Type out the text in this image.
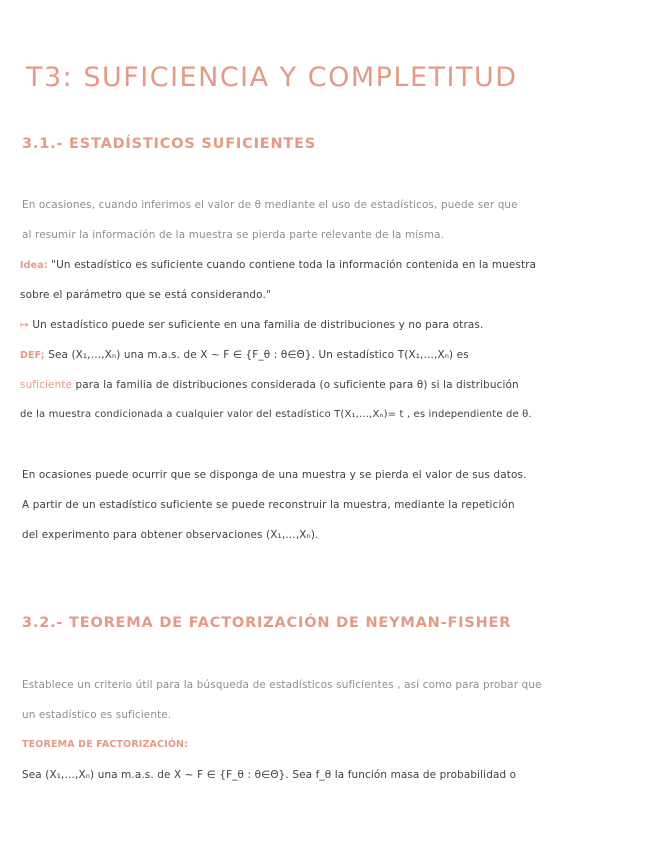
T3: SUFICIENCIA Y COMPLETITUD
3.1.- ESTADÍSTICOS SUFICIENTES
En ocasiones, cuando inferimos el valor de θ mediante el uso de estadísticos, puede ser que
al resumir la información de la muestra se pierda parte relevante de la misma.
Idea: "Un estadístico es suficiente cuando contiene toda la información contenida en la muestra
sobre el parámetro que se está considerando."
↦ Un estadístico puede ser suficiente en una familia de distribuciones y no para otras.
DEF; Sea (X₁,…,Xₙ) una m.a.s. de X ~ F ∈ {F_θ : θ∈Θ}. Un estadístico T(X₁,…,Xₙ) es
suficiente para la familia de distribuciones considerada (o suficiente para θ) si la distribución
de la muestra condicionada a cualquier valor del estadístico T(X₁,…,Xₙ)= t , es independiente de θ.
En ocasiones puede ocurrir que se disponga de una muestra y se pierda el valor de sus datos.
A partir de un estadístico suficiente se puede reconstruir la muestra, mediante la repetición
del experimento para obtener observaciones (X₁,…,Xₙ).
3.2.- TEOREMA DE FACTORIZACIÓN DE NEYMAN-FISHER
Establece un criterio útil para la búsqueda de estadísticos suficientes , así como para probar que
un estadístico es suficiente.
TEOREMA DE FACTORIZACIÓN:
Sea (X₁,…,Xₙ) una m.a.s. de X ~ F ∈ {F_θ : θ∈Θ}. Sea f_θ la función masa de probabilidad o
